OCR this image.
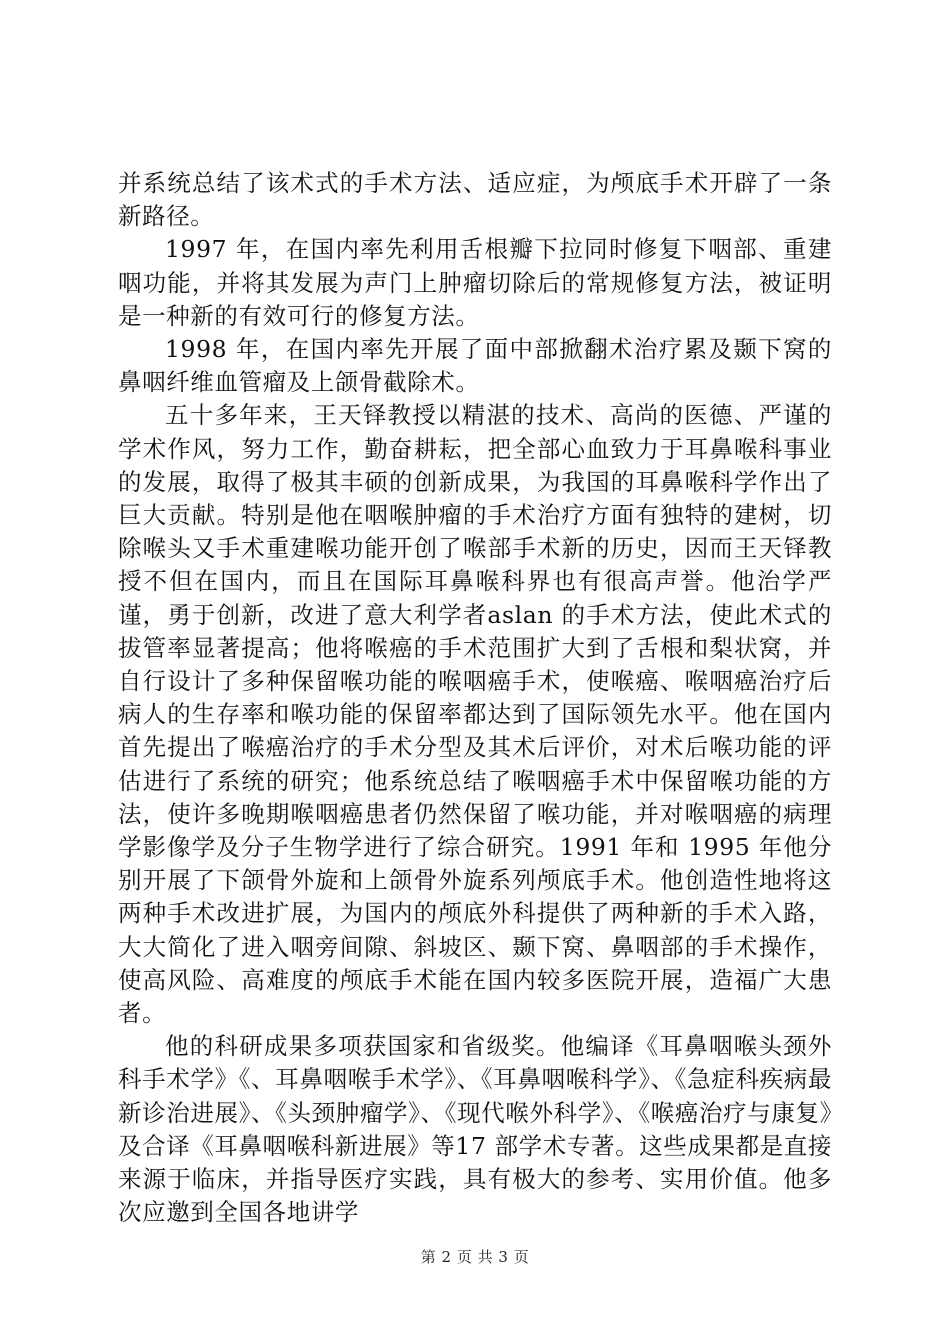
并系统总结了该术式的手术方法、适应症，为颅底手术开辟了一条新路径。

1997 年，在国内率先利用舌根瓣下拉同时修复下咽部、重建咽功能，并将其发展为声门上肿瘤切除后的常规修复方法，被证明是一种新的有效可行的修复方法。

1998 年，在国内率先开展了面中部掀翻术治疗累及颞下窝的鼻咽纤维血管瘤及上颌骨截除术。

五十多年来，王天铎教授以精湛的技术、高尚的医德、严谨的学术作风，努力工作，勤奋耕耘，把全部心血致力于耳鼻喉科事业的发展，取得了极其丰硕的创新成果，为我国的耳鼻喉科学作出了巨大贡献。特别是他在咽喉肿瘤的手术治疗方面有独特的建树，切除喉头又手术重建喉功能开创了喉部手术新的历史，因而王天铎教授不但在国内，而且在国际耳鼻喉科界也有很高声誉。他治学严谨，勇于创新，改进了意大利学者aslan 的手术方法，使此术式的拔管率显著提高；他将喉癌的手术范围扩大到了舌根和梨状窝，并自行设计了多种保留喉功能的喉咽癌手术，使喉癌、喉咽癌治疗后病人的生存率和喉功能的保留率都达到了国际领先水平。他在国内首先提出了喉癌治疗的手术分型及其术后评价，对术后喉功能的评估进行了系统的研究；他系统总结了喉咽癌手术中保留喉功能的方法，使许多晚期喉咽癌患者仍然保留了喉功能，并对喉咽癌的病理学影像学及分子生物学进行了综合研究。1991 年和 1995 年他分别开展了下颌骨外旋和上颌骨外旋系列颅底手术。他创造性地将这两种手术改进扩展，为国内的颅底外科提供了两种新的手术入路，大大简化了进入咽旁间隙、斜坡区、颞下窝、鼻咽部的手术操作，使高风险、高难度的颅底手术能在国内较多医院开展，造福广大患者。

他的科研成果多项获国家和省级奖。他编译《耳鼻咽喉头颈外科手术学》《、耳鼻咽喉手术学》、《耳鼻咽喉科学》、《急症科疾病最新诊治进展》、《头颈肿瘤学》、《现代喉外科学》、《喉癌治疗与康复》及合译《耳鼻咽喉科新进展》等17 部学术专著。这些成果都是直接来源于临床，并指导医疗实践，具有极大的参考、实用价值。他多次应邀到全国各地讲学

第 2 页 共 3 页
